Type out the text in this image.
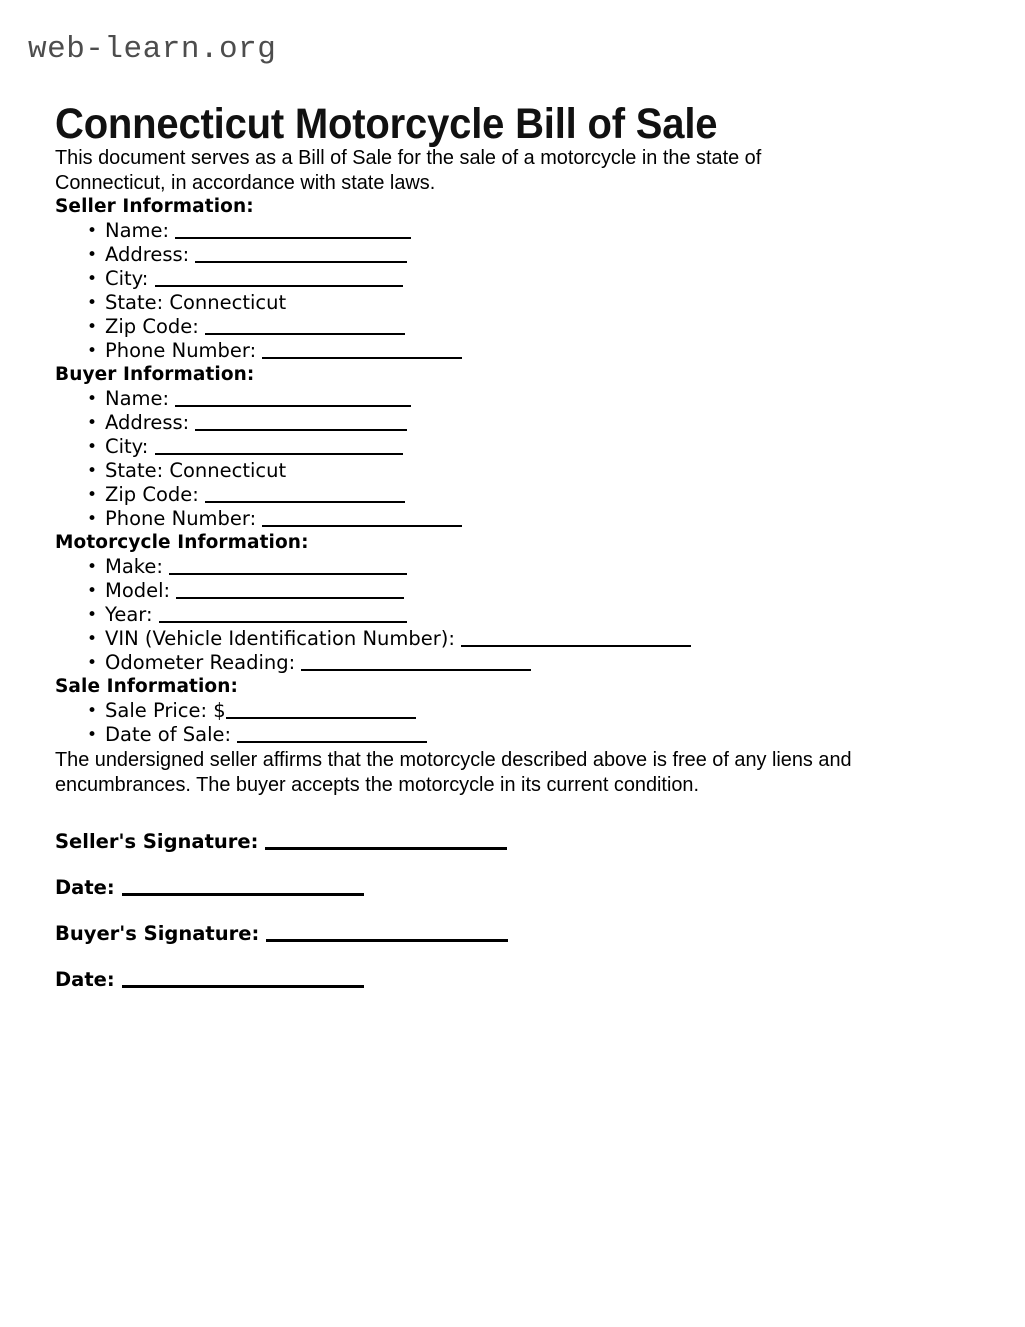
web-learn.org
Connecticut Motorcycle Bill of Sale

This document serves as a Bill of Sale for the sale of a motorcycle in the state of Connecticut, in accordance with state laws.

Seller Information:
• Name:
• Address:
• City:
• State: Connecticut
• Zip Code:
• Phone Number:
Buyer Information:
• Name:
• Address:
• City:
• State: Connecticut
• Zip Code:
• Phone Number:
Motorcycle Information:
• Make:
• Model:
• Year:
• VIN (Vehicle Identification Number):
• Odometer Reading:
Sale Information:
• Sale Price: $
• Date of Sale:

The undersigned seller affirms that the motorcycle described above is free of any liens and encumbrances. The buyer accepts the motorcycle in its current condition.

Seller's Signature:

Date:

Buyer's Signature:

Date:
